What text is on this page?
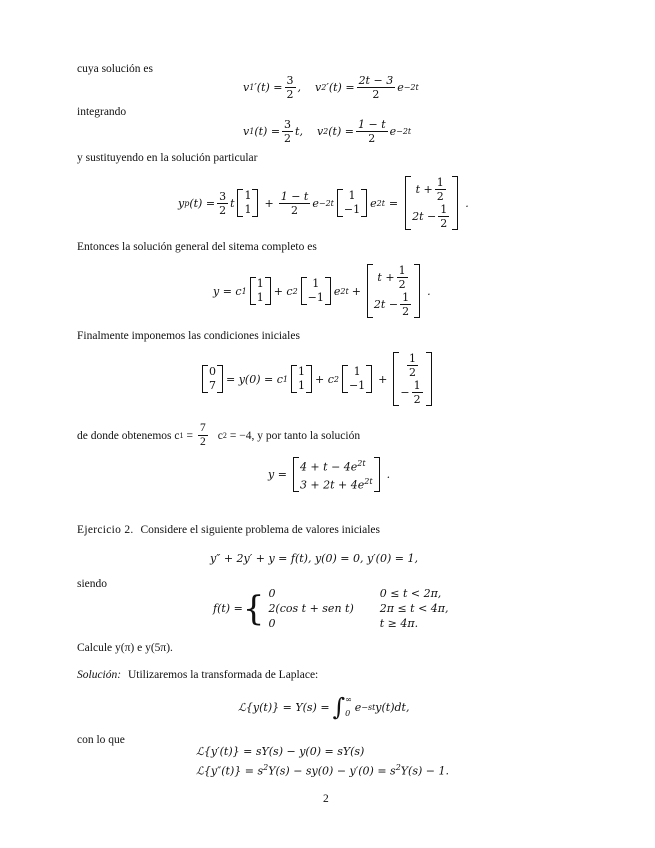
cuya solución es
v 1 $'(t) = \frac{3}{2}$ , v 2 $'(t) = \frac{2t - 3}{2}$ e −2t
integrando
v 1 $(t) = \frac{3}{2} t$, v 2 $(t) = \frac{1 - t}{2}$ e −2t
y sustituyendo en la solución particular
y p $(t) = \frac{3}{2}$ t
1
$1 + \frac{1 - t}{2}$ e −2t
1
−1 e 2t =
$t + \frac{1}{2}$
$2t - \frac{1}{2}$ .
Entonces la solución general del sitema completo es
y = c 1
1
1 + c 2
1
−1 e 2t +
$t + \frac{1}{2}$
$2t - \frac{1}{2}$ .
Finalmente imponemos las condiciones iniciales
0
7 = y(0) = c 1
1
1 + c 2
1
$-1 + \frac{1}{2}$
− $\frac{1}{2}$
de donde obtenemos c $1 = \frac{7}{2}$ c 2 = −4, y por tanto la solución
y =
$4 + t - 4e^{2t}$
$3 + 2t + 4e^{2t}$ .
Ejercicio 2. Considere el siguiente problema de valores iniciales
y″ + 2y′ + y = f(t), y(0) = 0, y′(0) = 1,
siendo
f(t) = { 0	0 ≤ t < 2π,
2(cos t + sen t) 2π ≤ t < 4π,
0	t ≥ 4π.
Calcule y(π) e y(5π).
Solución: Utilizaremos la transformada de Laplace:
ℒ{y(t)} = Y(s) = ∫ ∞
0 e −st y(t)dt,
con lo que
ℒ{y′(t)} = sY(s) − y(0) = sY(s)
ℒ{y″(t)} = $s^2Y(s) - sy(0) - y'(0) = s^2Y(s) - 1$.
2
